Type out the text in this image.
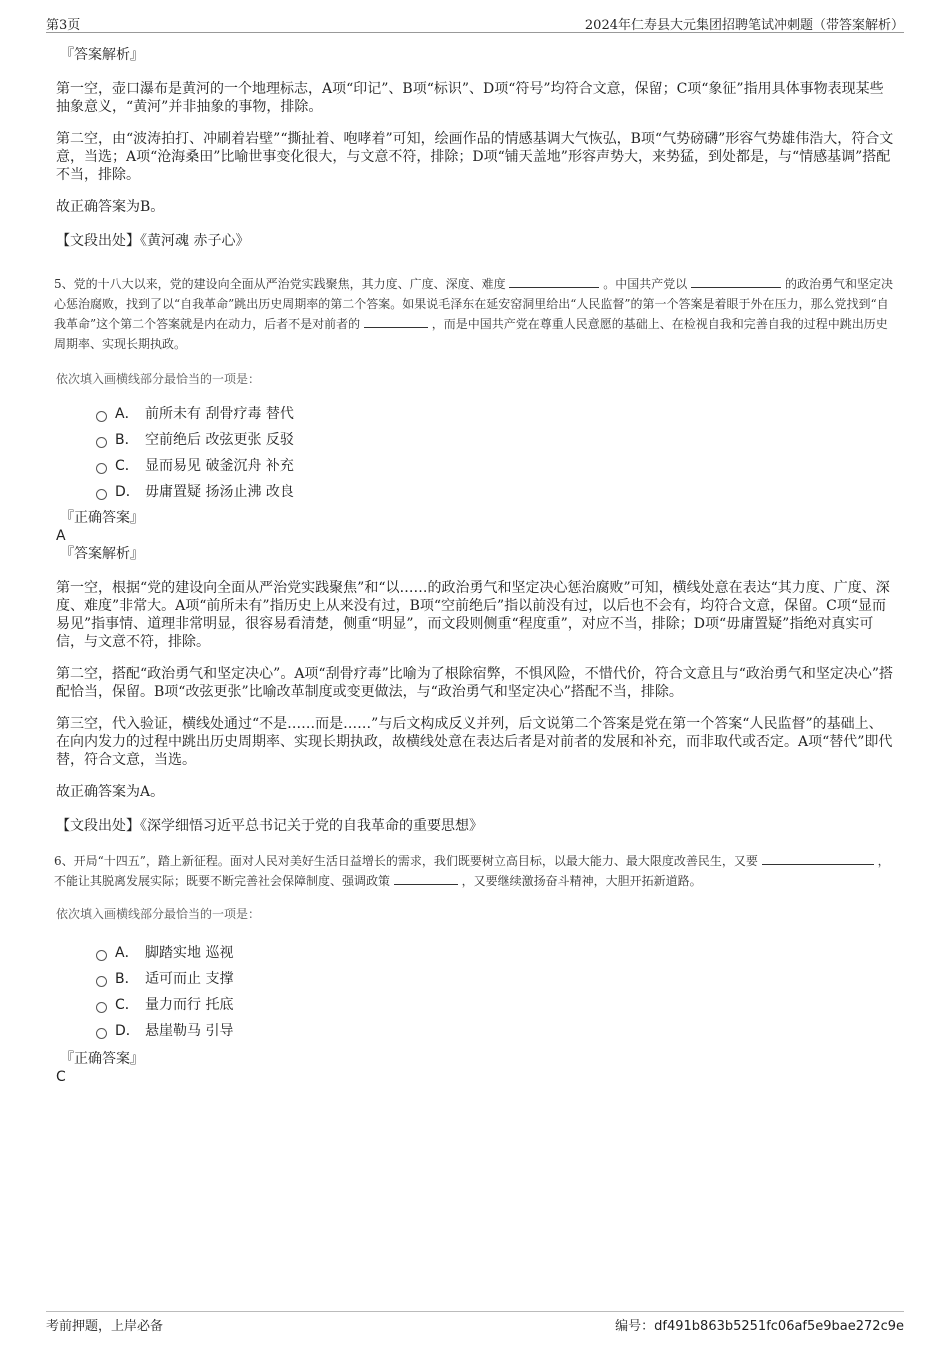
第3页	2024年仁寿县大元集团招聘笔试冲刺题（带答案解析）

『答案解析』

第一空，壶口瀑布是黄河的一个地理标志，A项“印记”、B项“标识”、D项“符号”均符合文意，保留；C项“象征”指用具体事物表现某些抽象意义，“黄河”并非抽象的事物，排除。

第二空，由“波涛拍打、冲刷着岩壁”“撕扯着、咆哮着”可知，绘画作品的情感基调大气恢弘，B项“气势磅礴”形容气势雄伟浩大，符合文意，当选；A项“沧海桑田”比喻世事变化很大，与文意不符，排除；D项“铺天盖地”形容声势大，来势猛，到处都是，与“情感基调”搭配不当，排除。

故正确答案为B。

【文段出处】《黄河魂 赤子心》

5、党的十八大以来，党的建设向全面从严治党实践聚焦，其力度、广度、深度、难度	。中国共产党以	的政治勇气和坚定决心惩治腐败，找到了以“自我革命”跳出历史周期率的第二个答案。如果说毛泽东在延安窑洞里给出“人民监督”的第一个答案是着眼于外在压力，那么党找到“自我革命”这个第二个答案就是内在动力，后者不是对前者的	，而是中国共产党在尊重人民意愿的基础上、在检视自我和完善自我的过程中跳出历史周期率、实现长期执政。

依次填入画横线部分最恰当的一项是：

A． 前所未有 刮骨疗毒 替代
B． 空前绝后 改弦更张 反驳
C． 显而易见 破釜沉舟 补充
D． 毋庸置疑 扬汤止沸 改良

『正确答案』

A

『答案解析』

第一空，根据“党的建设向全面从严治党实践聚焦”和“以……的政治勇气和坚定决心惩治腐败”可知，横线处意在表达“其力度、广度、深度、难度”非常大。A项“前所未有”指历史上从来没有过，B项“空前绝后”指以前没有过，以后也不会有，均符合文意，保留。C项“显而易见”指事情、道理非常明显，很容易看清楚，侧重“明显”，而文段则侧重“程度重”，对应不当，排除；D项“毋庸置疑”指绝对真实可信，与文意不符，排除。

第二空，搭配“政治勇气和坚定决心”。A项“刮骨疗毒”比喻为了根除宿弊，不惧风险，不惜代价，符合文意且与“政治勇气和坚定决心”搭配恰当，保留。B项“改弦更张”比喻改革制度或变更做法，与“政治勇气和坚定决心”搭配不当，排除。

第三空，代入验证，横线处通过“不是……而是……”与后文构成反义并列，后文说第二个答案是党在第一个答案“人民监督”的基础上、在向内发力的过程中跳出历史周期率、实现长期执政，故横线处意在表达后者是对前者的发展和补充，而非取代或否定。A项“替代”即代替，符合文意，当选。

故正确答案为A。

【文段出处】《深学细悟习近平总书记关于党的自我革命的重要思想》

6、开局“十四五”，踏上新征程。面对人民对美好生活日益增长的需求，我们既要树立高目标，以最大能力、最大限度改善民生，又要	，不能让其脱离发展实际；既要不断完善社会保障制度、强调政策	，又要继续激扬奋斗精神，大胆开拓新道路。

依次填入画横线部分最恰当的一项是：

A． 脚踏实地 巡视
B． 适可而止 支撑
C． 量力而行 托底
D． 悬崖勒马 引导

『正确答案』

C

考前押题，上岸必备	编号：df491b863b5251fc06af5e9bae272c9e
